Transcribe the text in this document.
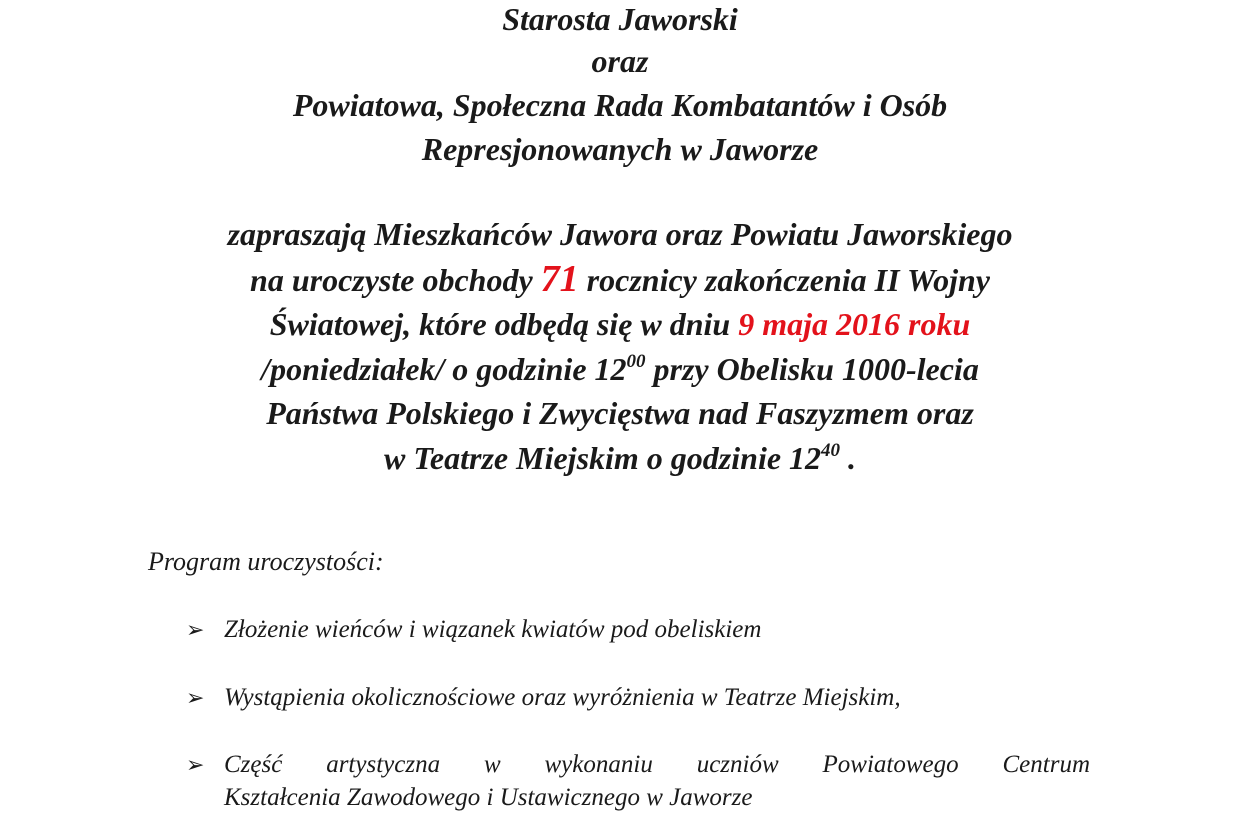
Starosta Jaworski
oraz
Powiatowa, Społeczna Rada Kombatantów i Osób
Represjonowanych w Jaworze
zapraszają Mieszkańców Jawora oraz Powiatu Jaworskiego
na uroczyste obchody 71 rocznicy zakończenia II Wojny
Światowej, które odbędą się w dniu 9 maja 2016 roku
/poniedziałek/ o godzinie $12^{00}$ przy Obelisku 1000-lecia
Państwa Polskiego i Zwycięstwa nad Faszyzmem oraz
w Teatrze Miejskim o godzinie $12^{40}$ .
Program uroczystości:
➢ Złożenie wieńców i wiązanek kwiatów pod obeliskiem
➢ Wystąpienia okolicznościowe oraz wyróżnienia w Teatrze Miejskim,
➢ Część artystyczna w wykonaniu uczniów Powiatowego Centrum
Kształcenia Zawodowego i Ustawicznego w Jaworze
